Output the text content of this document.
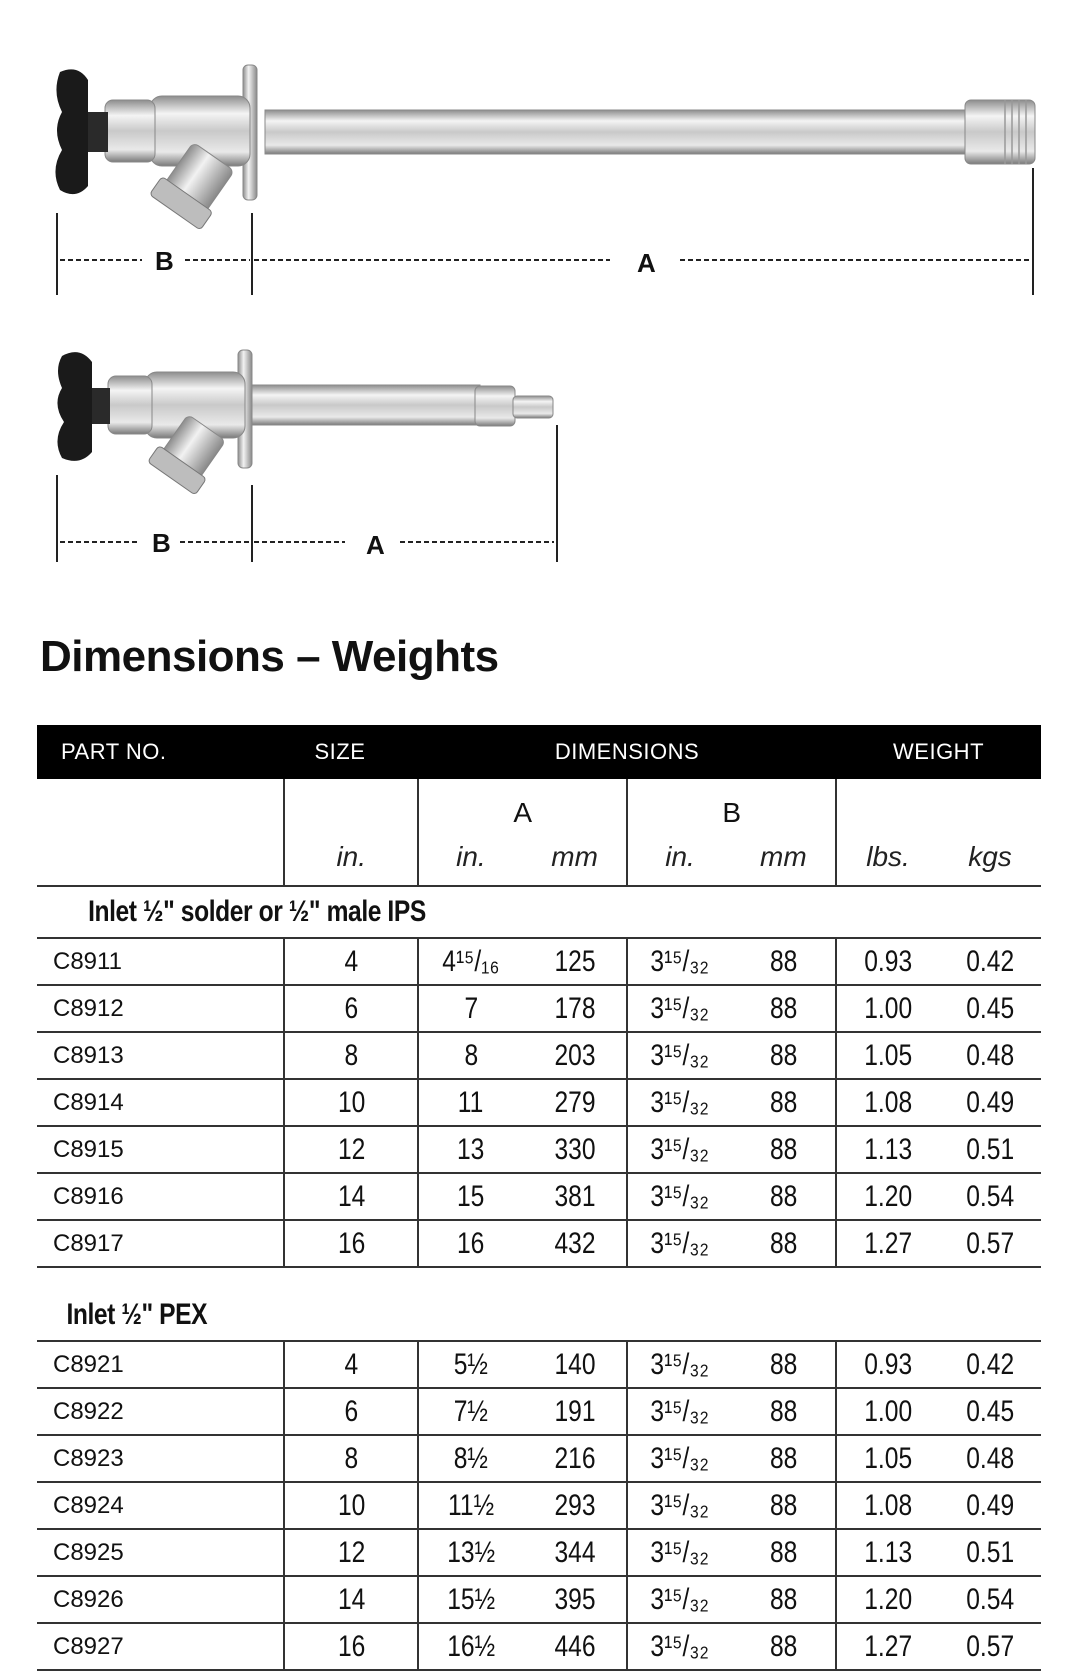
B	A
B	A
Dimensions – Weights
PART NO.	SIZE	DIMENSIONS				WEIGHT	
		A		B			
	in.	in.	mm	in.	mm	lbs.	kgs
Inlet ½" solder or ½" male IPS							
C8911	4	4¹⁵/₁₆	125	3¹⁵/₃₂	88	0.93	0.42
C8912	6	7	178	3¹⁵/₃₂	88	1.00	0.45
C8913	8	8	203	3¹⁵/₃₂	88	1.05	0.48
C8914	10	11	279	3¹⁵/₃₂	88	1.08	0.49
C8915	12	13	330	3¹⁵/₃₂	88	1.13	0.51
C8916	14	15	381	3¹⁵/₃₂	88	1.20	0.54
C8917	16	16	432	3¹⁵/₃₂	88	1.27	0.57

Inlet ½" PEX							
C8921	4	5½	140	3¹⁵/₃₂	88	0.93	0.42
C8922	6	7½	191	3¹⁵/₃₂	88	1.00	0.45
C8923	8	8½	216	3¹⁵/₃₂	88	1.05	0.48
C8924	10	11½	293	3¹⁵/₃₂	88	1.08	0.49
C8925	12	13½	344	3¹⁵/₃₂	88	1.13	0.51
C8926	14	15½	395	3¹⁵/₃₂	88	1.20	0.54
C8927	16	16½	446	3¹⁵/₃₂	88	1.27	0.57
